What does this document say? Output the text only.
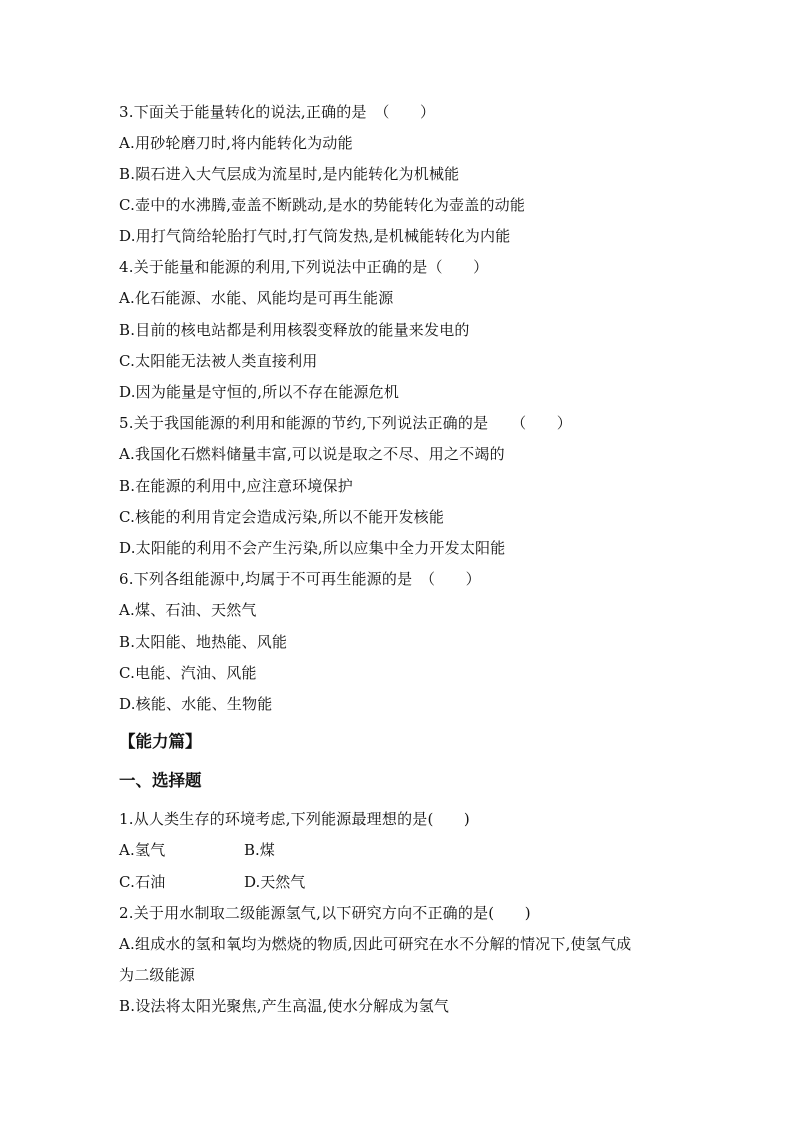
3.下面关于能量转化的说法,正确的是　（　　）
A.用砂轮磨刀时,将内能转化为动能
B.陨石进入大气层成为流星时,是内能转化为机械能
C.壶中的水沸腾,壶盖不断跳动,是水的势能转化为壶盖的动能
D.用打气筒给轮胎打气时,打气筒发热,是机械能转化为内能
4.关于能量和能源的利用,下列说法中正确的是（　　）
A.化石能源、水能、风能均是可再生能源
B.目前的核电站都是利用核裂变释放的能量来发电的
C.太阳能无法被人类直接利用
D.因为能量是守恒的,所以不存在能源危机
5.关于我国能源的利用和能源的节约,下列说法正确的是　　（　　）
A.我国化石燃料储量丰富,可以说是取之不尽、用之不竭的
B.在能源的利用中,应注意环境保护
C.核能的利用肯定会造成污染,所以不能开发核能
D.太阳能的利用不会产生污染,所以应集中全力开发太阳能
6.下列各组能源中,均属于不可再生能源的是　（　　）
A.煤、石油、天然气
B.太阳能、地热能、风能
C.电能、汽油、风能
D.核能、水能、生物能
【能力篇】
一、选择题
1.从人类生存的环境考虑,下列能源最理想的是(　　)
A.氢气	B.煤
C.石油	D.天然气
2.关于用水制取二级能源氢气,以下研究方向不正确的是(　　)
A.组成水的氢和氧均为燃烧的物质,因此可研究在水不分解的情况下,使氢气成
为二级能源
B.设法将太阳光聚焦,产生高温,使水分解成为氢气
